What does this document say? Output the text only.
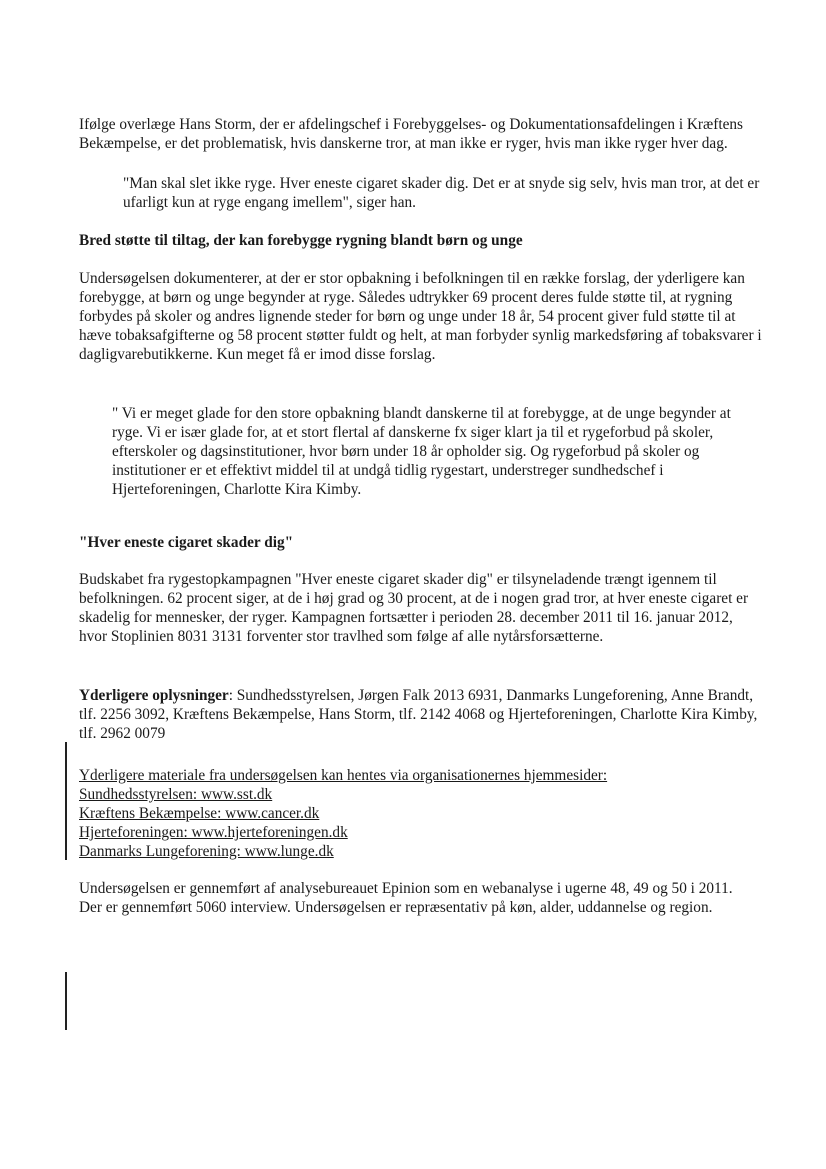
Ifølge overlæge Hans Storm, der er afdelingschef i Forebyggelses- og Dokumentationsafdelingen i Kræftens Bekæmpelse, er det problematisk, hvis danskerne tror, at man ikke er ryger, hvis man ikke ryger hver dag.

"Man skal slet ikke ryge. Hver eneste cigaret skader dig. Det er at snyde sig selv, hvis man tror, at det er ufarligt kun at ryge engang imellem", siger han.

Bred støtte til tiltag, der kan forebygge rygning blandt børn og unge

Undersøgelsen dokumenterer, at der er stor opbakning i befolkningen til en række forslag, der yderligere kan forebygge, at børn og unge begynder at ryge. Således udtrykker 69 procent deres fulde støtte til, at rygning forbydes på skoler og andres lignende steder for børn og unge under 18 år, 54 procent giver fuld støtte til at hæve tobaksafgifterne og 58 procent støtter fuldt og helt, at man forbyder synlig markedsføring af tobaksvarer i dagligvarebutikkerne. Kun meget få er imod disse forslag.

" Vi er meget glade for den store opbakning blandt danskerne til at forebygge, at de unge begynder at ryge. Vi er især glade for, at et stort flertal af danskerne fx siger klart ja til et rygeforbud på skoler, efterskoler og dagsinstitutioner, hvor børn under 18 år opholder sig. Og rygeforbud på skoler og institutioner er et effektivt middel til at undgå tidlig rygestart, understreger sundhedschef i Hjerteforeningen, Charlotte Kira Kimby.

"Hver eneste cigaret skader dig"

Budskabet fra rygestopkampagnen "Hver eneste cigaret skader dig" er tilsyneladende trængt igennem til befolkningen. 62 procent siger, at de i høj grad og 30 procent, at de i nogen grad tror, at hver eneste cigaret er skadelig for mennesker, der ryger. Kampagnen fortsætter i perioden 28. december 2011 til 16. januar 2012, hvor Stoplinien 8031 3131 forventer stor travlhed som følge af alle nytårsforsætterne.

Yderligere oplysninger: Sundhedsstyrelsen, Jørgen Falk 2013 6931, Danmarks Lungeforening, Anne Brandt, tlf. 2256 3092, Kræftens Bekæmpelse, Hans Storm, tlf. 2142 4068 og Hjerteforeningen, Charlotte Kira Kimby, tlf. 2962 0079

Yderligere materiale fra undersøgelsen kan hentes via organisationernes hjemmesider:
Sundhedsstyrelsen: www.sst.dk
Kræftens Bekæmpelse: www.cancer.dk
Hjerteforeningen: www.hjerteforeningen.dk
Danmarks Lungeforening: www.lunge.dk

Undersøgelsen er gennemført af analysebureauet Epinion som en webanalyse i ugerne 48, 49 og 50 i 2011. Der er gennemført 5060 interview. Undersøgelsen er repræsentativ på køn, alder, uddannelse og region.
